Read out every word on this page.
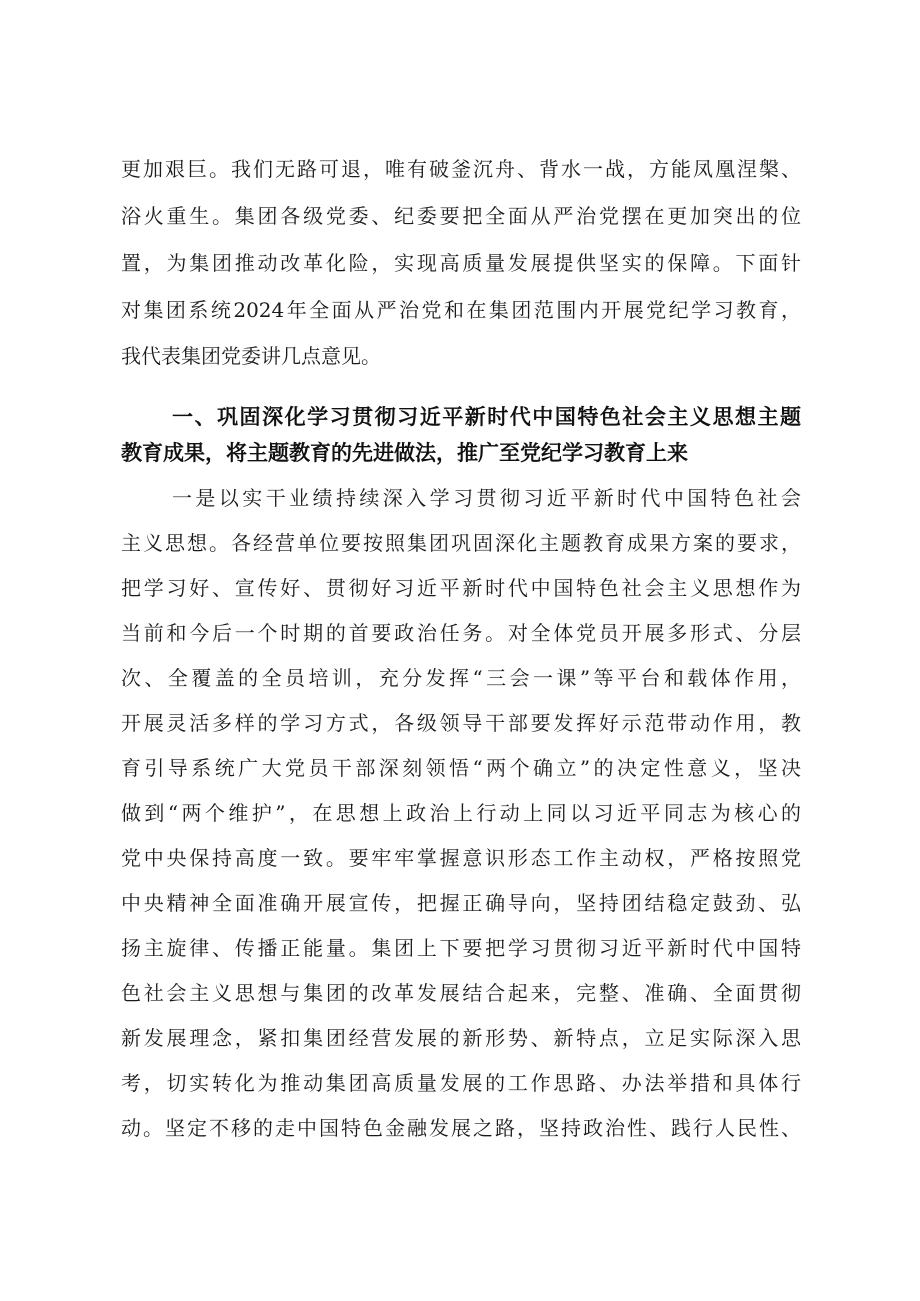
更加艰巨。我们无路可退，唯有破釜沉舟、背水一战，方能凤凰涅槃、
浴火重生。集团各级党委、纪委要把全面从严治党摆在更加突出的位
置，为集团推动改革化险，实现高质量发展提供坚实的保障。下面针
对集团系统2024年全面从严治党和在集团范围内开展党纪学习教育，
我代表集团党委讲几点意见。
一、巩固深化学习贯彻习近平新时代中国特色社会主义思想主题
教育成果，将主题教育的先进做法，推广至党纪学习教育上来
一是以实干业绩持续深入学习贯彻习近平新时代中国特色社会
主义思想。各经营单位要按照集团巩固深化主题教育成果方案的要求，
把学习好、宣传好、贯彻好习近平新时代中国特色社会主义思想作为
当前和今后一个时期的首要政治任务。对全体党员开展多形式、分层
次、全覆盖的全员培训，充分发挥“三会一课”等平台和载体作用，
开展灵活多样的学习方式，各级领导干部要发挥好示范带动作用，教
育引导系统广大党员干部深刻领悟“两个确立”的决定性意义，坚决
做到“两个维护”，在思想上政治上行动上同以习近平同志为核心的
党中央保持高度一致。要牢牢掌握意识形态工作主动权，严格按照党
中央精神全面准确开展宣传，把握正确导向，坚持团结稳定鼓劲、弘
扬主旋律、传播正能量。集团上下要把学习贯彻习近平新时代中国特
色社会主义思想与集团的改革发展结合起来，完整、准确、全面贯彻
新发展理念，紧扣集团经营发展的新形势、新特点，立足实际深入思
考，切实转化为推动集团高质量发展的工作思路、办法举措和具体行
动。坚定不移的走中国特色金融发展之路，坚持政治性、践行人民性、
